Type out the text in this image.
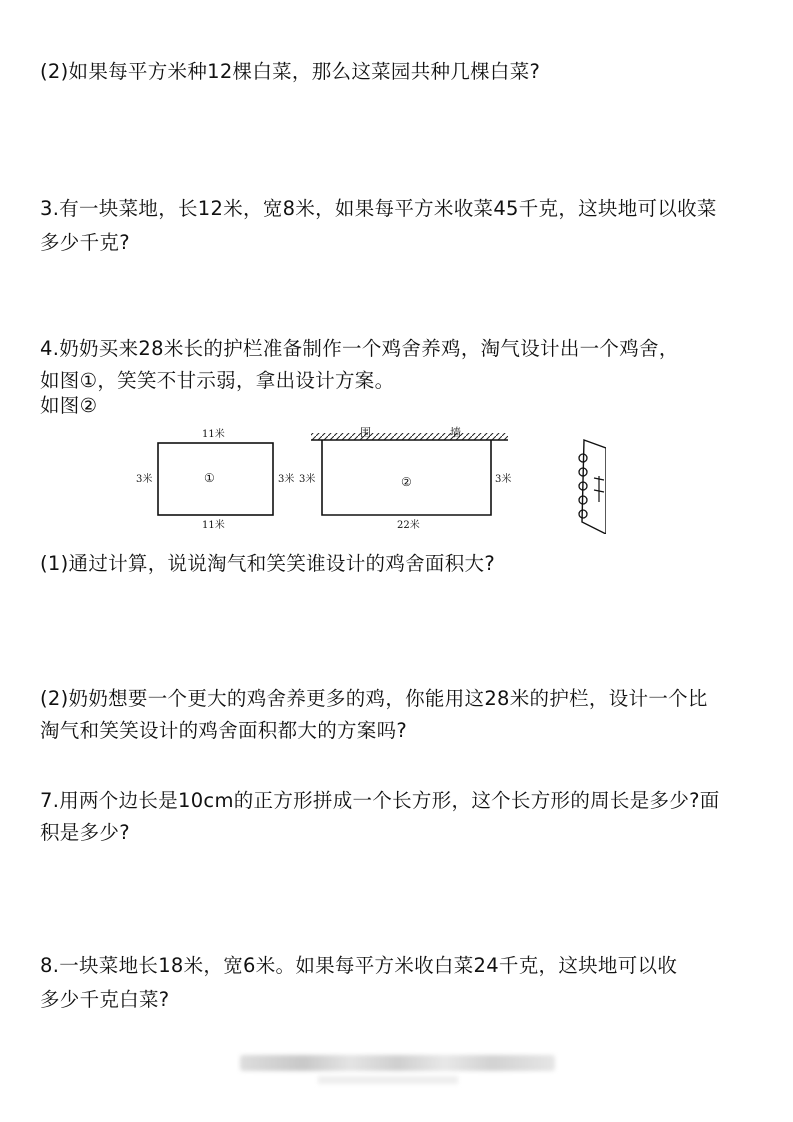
(2)如果每平方米种12棵白菜，那么这菜园共种几棵白菜?
3.有一块菜地，长12米，宽8米，如果每平方米收菜45千克，这块地可以收菜
多少千克?
4.奶奶买来28米长的护栏准备制作一个鸡舍养鸡，淘气设计出一个鸡舍，
如图①，笑笑不甘示弱，拿出设计方案。
如图②
11米
11米
3米	3米
①
围	墙
22米
3米	3米
②
(1)通过计算，说说淘气和笑笑谁设计的鸡舍面积大?
(2)奶奶想要一个更大的鸡舍养更多的鸡，你能用这28米的护栏，设计一个比
淘气和笑笑设计的鸡舍面积都大的方案吗?
7.用两个边长是10cm的正方形拼成一个长方形，这个长方形的周长是多少?面
积是多少?
8.一块菜地长18米，宽6米。如果每平方米收白菜24千克，这块地可以收
多少千克白菜?
